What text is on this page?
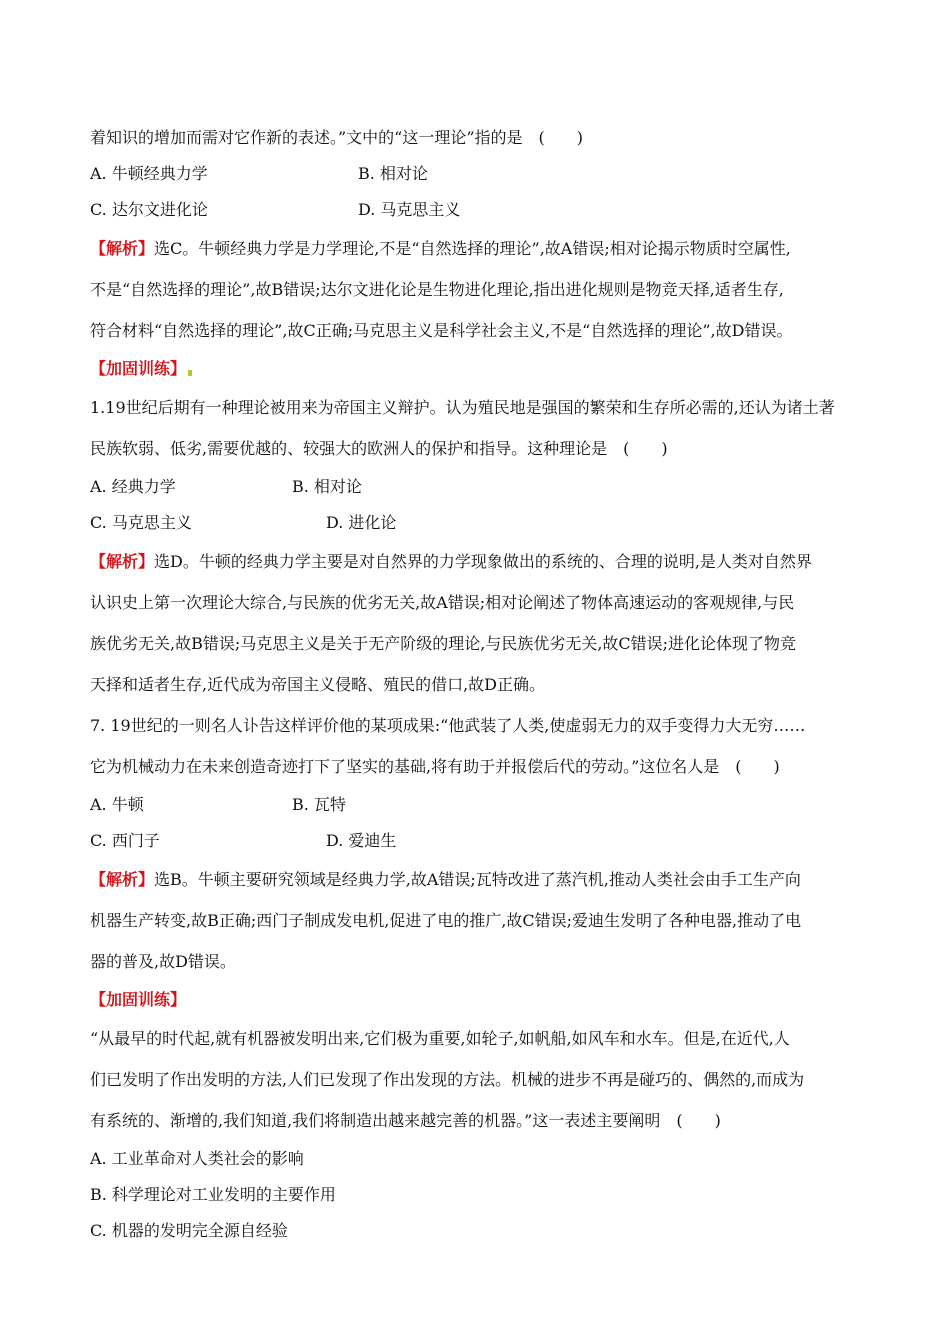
着知识的增加而需对它作新的表述。”文中的“这一理论”指的是　(　　)
A. 牛顿经典力学	B. 相对论
C. 达尔文进化论	D. 马克思主义
【解析】选C。牛顿经典力学是力学理论,不是“自然选择的理论”,故A错误;相对论揭示物质时空属性,
不是“自然选择的理论”,故B错误;达尔文进化论是生物进化理论,指出进化规则是物竞天择,适者生存,
符合材料“自然选择的理论”,故C正确;马克思主义是科学社会主义,不是“自然选择的理论”,故D错误。
【加固训练】
1.19世纪后期有一种理论被用来为帝国主义辩护。认为殖民地是强国的繁荣和生存所必需的,还认为诸土著
民族软弱、低劣,需要优越的、较强大的欧洲人的保护和指导。这种理论是　(　　)
A. 经典力学	B. 相对论
C. 马克思主义	D. 进化论
【解析】选D。牛顿的经典力学主要是对自然界的力学现象做出的系统的、合理的说明,是人类对自然界
认识史上第一次理论大综合,与民族的优劣无关,故A错误;相对论阐述了物体高速运动的客观规律,与民
族优劣无关,故B错误;马克思主义是关于无产阶级的理论,与民族优劣无关,故C错误;进化论体现了物竞
天择和适者生存,近代成为帝国主义侵略、殖民的借口,故D正确。
7. 19世纪的一则名人讣告这样评价他的某项成果:“他武装了人类,使虚弱无力的双手变得力大无穷……
它为机械动力在未来创造奇迹打下了坚实的基础,将有助于并报偿后代的劳动。”这位名人是　(　　)
A. 牛顿	B. 瓦特
C. 西门子	D. 爱迪生
【解析】选B。牛顿主要研究领域是经典力学,故A错误;瓦特改进了蒸汽机,推动人类社会由手工生产向
机器生产转变,故B正确;西门子制成发电机,促进了电的推广,故C错误;爱迪生发明了各种电器,推动了电
器的普及,故D错误。
【加固训练】
“从最早的时代起,就有机器被发明出来,它们极为重要,如轮子,如帆船,如风车和水车。但是,在近代,人
们已发明了作出发明的方法,人们已发现了作出发现的方法。机械的进步不再是碰巧的、偶然的,而成为
有系统的、渐增的,我们知道,我们将制造出越来越完善的机器。”这一表述主要阐明　(　　)
A. 工业革命对人类社会的影响
B. 科学理论对工业发明的主要作用
C. 机器的发明完全源自经验
